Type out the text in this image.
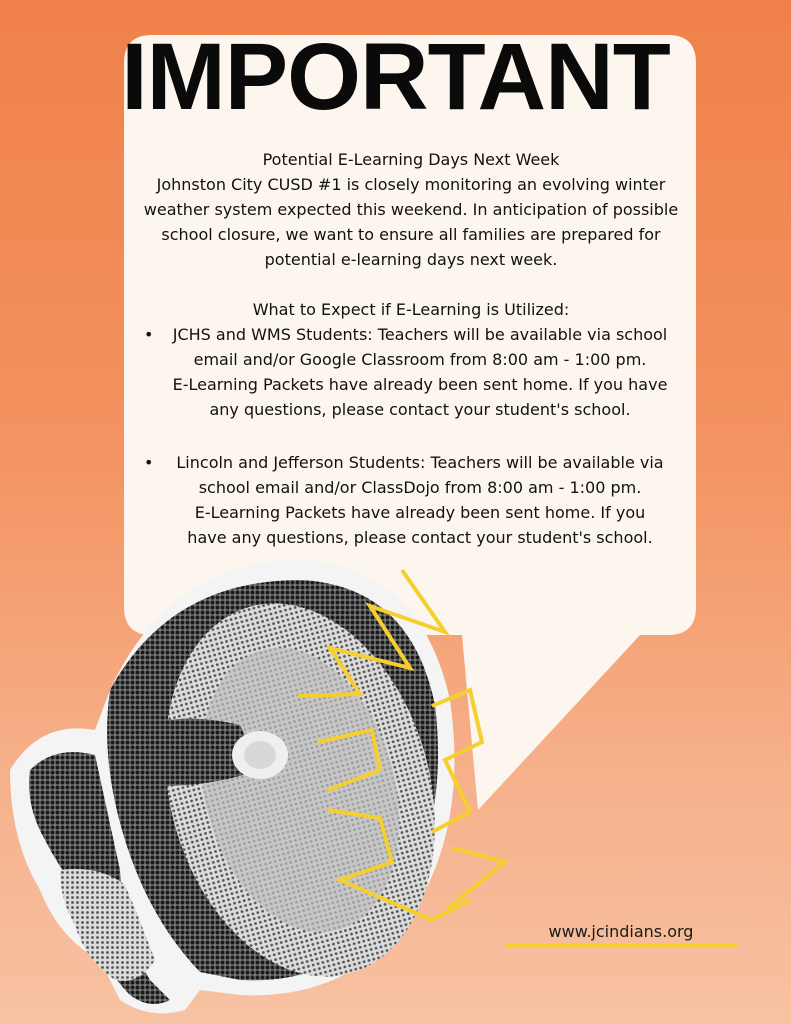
IMPORTANT
Potential E-Learning Days Next Week
Johnston City CUSD #1 is closely monitoring an evolving winter
weather system expected this weekend. In anticipation of possible
school closure, we want to ensure all families are prepared for
potential e-learning days next week.
What to Expect if E-Learning is Utilized:
•	JCHS and WMS Students: Teachers will be available via school
email and/or Google Classroom from 8:00 am - 1:00 pm.
E-Learning Packets have already been sent home. If you have
any questions, please contact your student's school.
•	Lincoln and Jefferson Students: Teachers will be available via
school email and/or ClassDojo from 8:00 am - 1:00 pm.
E-Learning Packets have already been sent home. If you
have any questions, please contact your student's school.
www.jcindians.org
